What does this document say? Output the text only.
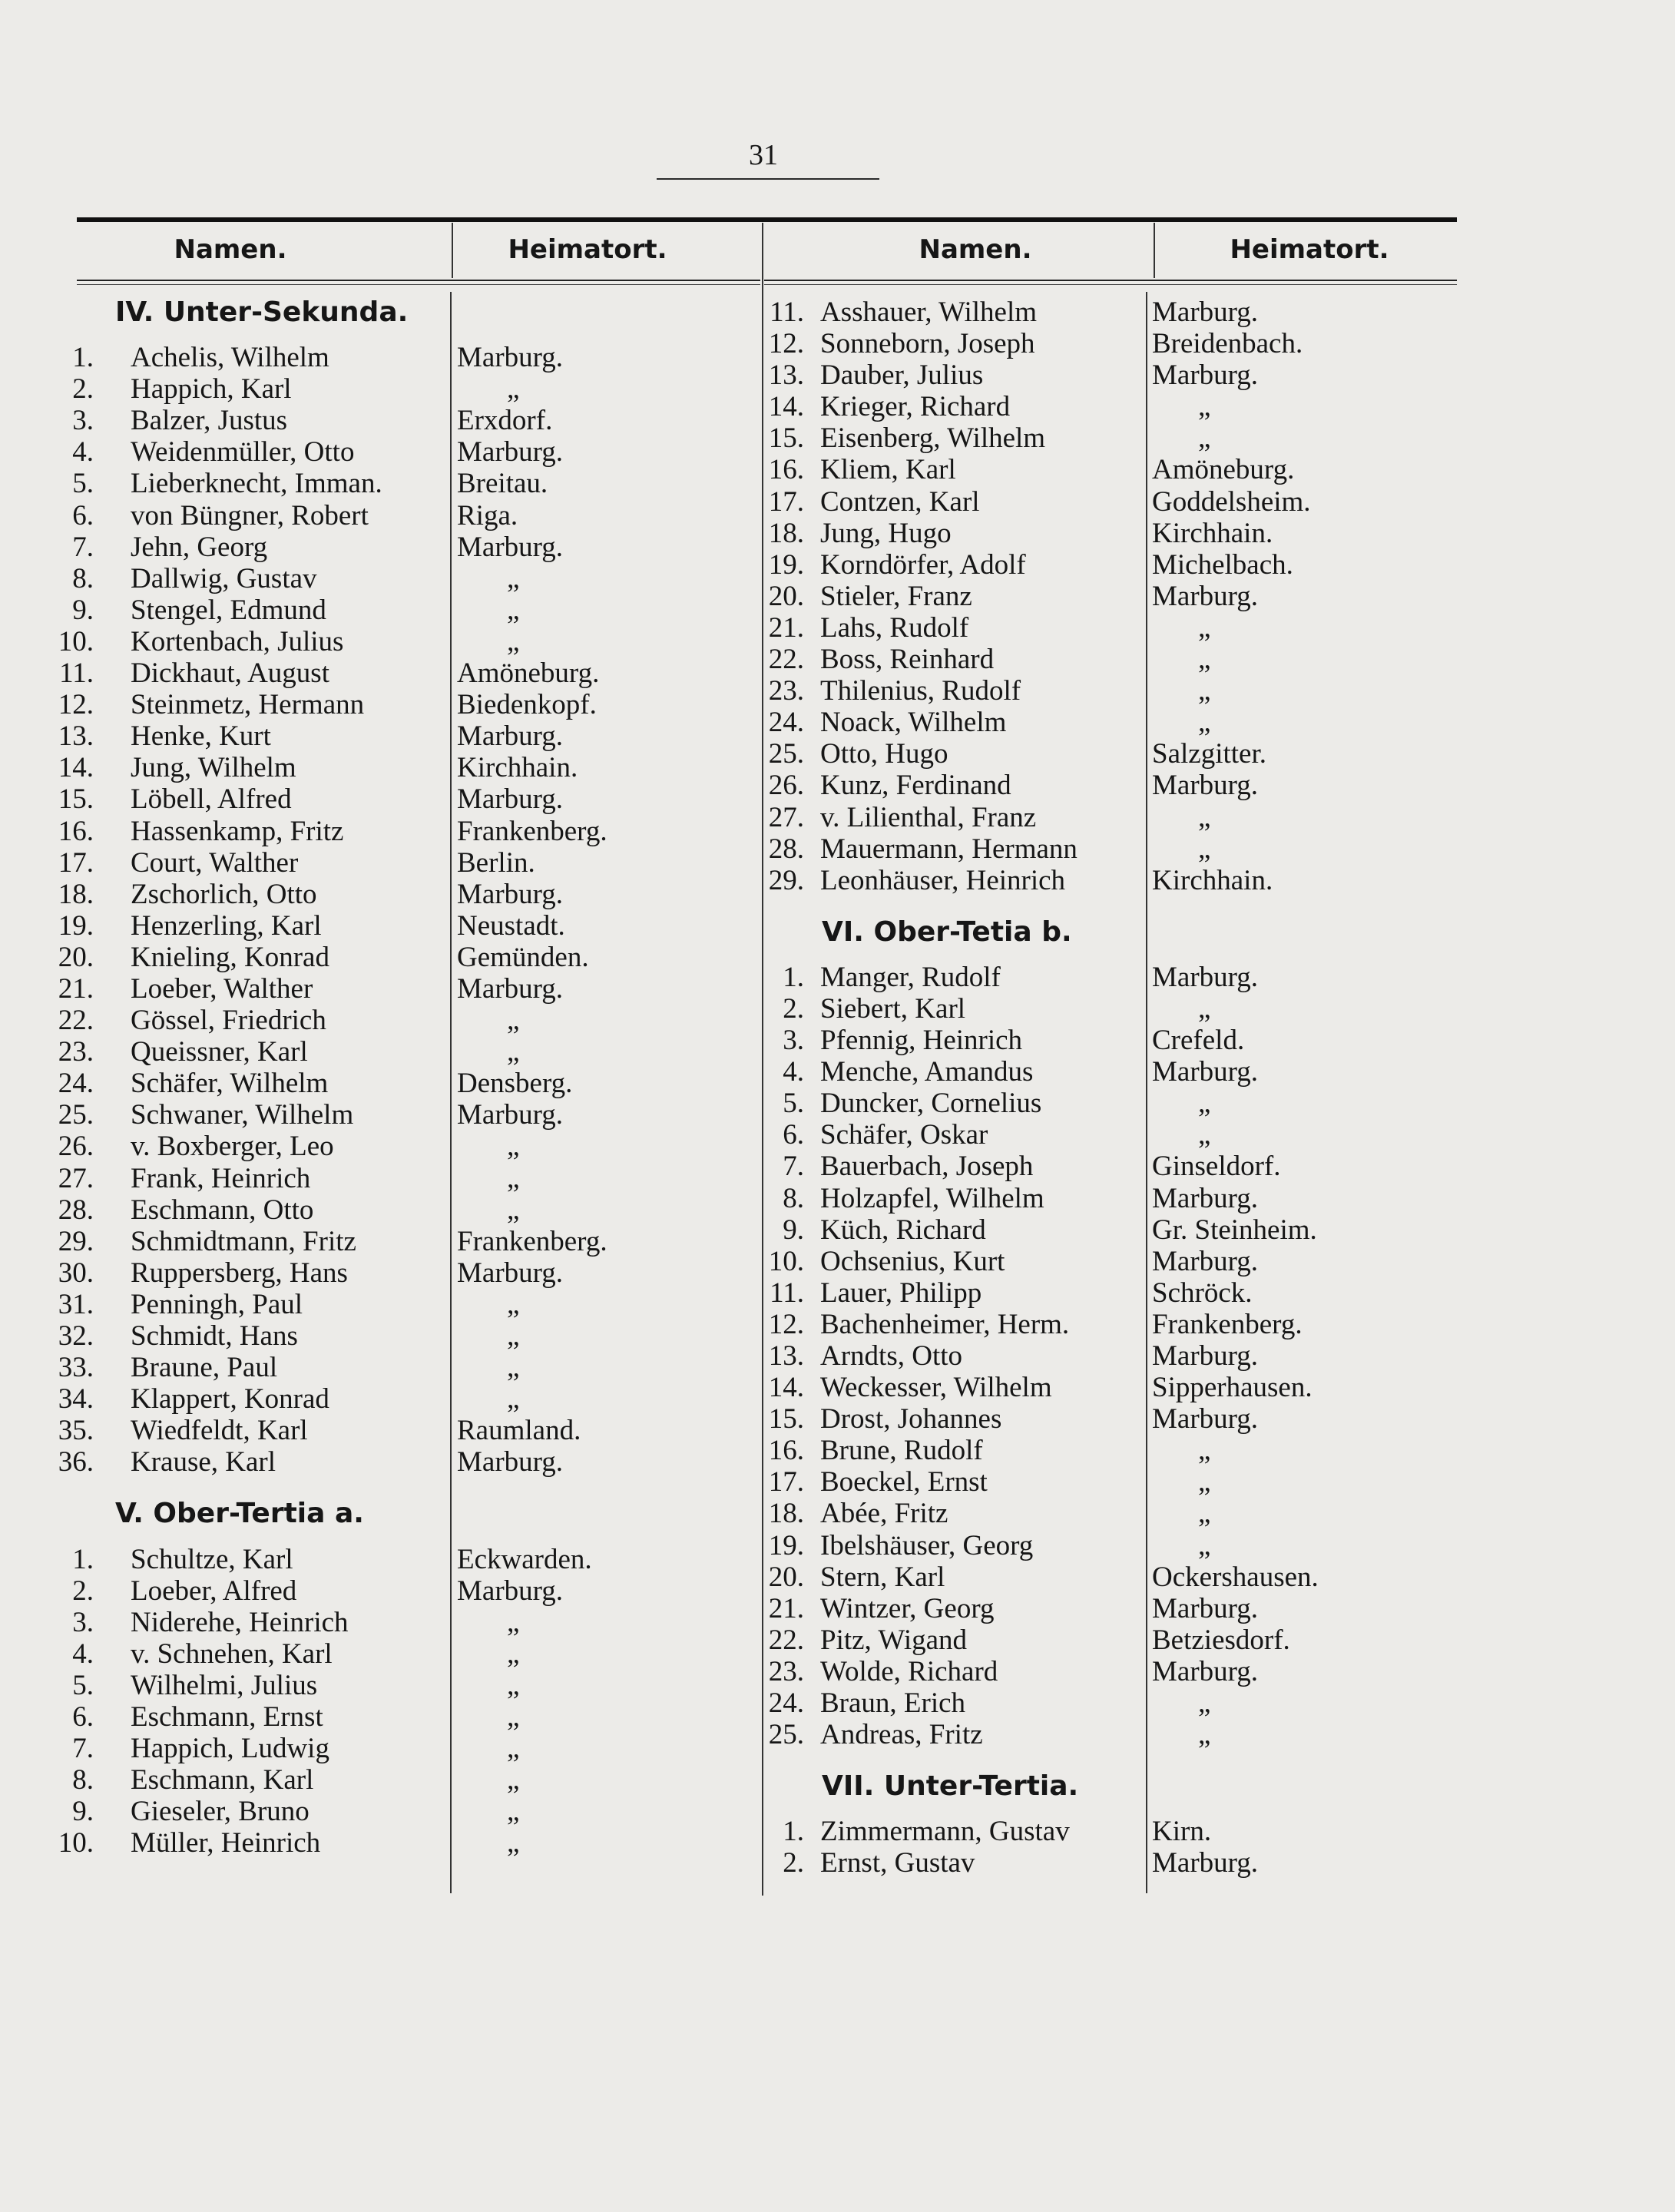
31
Namen.	Heimatort.	Namen.	Heimatort.
IV. Unter-Sekunda.
1. Achelis, Wilhelm	Marburg.
2. Happich, Karl	„
3. Balzer, Justus	Erxdorf.
4. Weidenmüller, Otto	Marburg.
5. Lieberknecht, Imman.	Breitau.
6. von Büngner, Robert	Riga.
7. Jehn, Georg	Marburg.
8. Dallwig, Gustav	„
9. Stengel, Edmund	„
10. Kortenbach, Julius	„
11. Dickhaut, August	Amöneburg.
12. Steinmetz, Hermann	Biedenkopf.
13. Henke, Kurt	Marburg.
14. Jung, Wilhelm	Kirchhain.
15. Löbell, Alfred	Marburg.
16. Hassenkamp, Fritz	Frankenberg.
17. Court, Walther	Berlin.
18. Zschorlich, Otto	Marburg.
19. Henzerling, Karl	Neustadt.
20. Knieling, Konrad	Gemünden.
21. Loeber, Walther	Marburg.
22. Gössel, Friedrich	„
23. Queissner, Karl	„
24. Schäfer, Wilhelm	Densberg.
25. Schwaner, Wilhelm	Marburg.
26. v. Boxberger, Leo	„
27. Frank, Heinrich	„
28. Eschmann, Otto	„
29. Schmidtmann, Fritz	Frankenberg.
30. Ruppersberg, Hans	Marburg.
31. Penningh, Paul	„
32. Schmidt, Hans	„
33. Braune, Paul	„
34. Klappert, Konrad	„
35. Wiedfeldt, Karl	Raumland.
36. Krause, Karl	Marburg.
V. Ober-Tertia a.
1. Schultze, Karl	Eckwarden.
2. Loeber, Alfred	Marburg.
3. Niderehe, Heinrich	„
4. v. Schnehen, Karl	„
5. Wilhelmi, Julius	„
6. Eschmann, Ernst	„
7. Happich, Ludwig	„
8. Eschmann, Karl	„
9. Gieseler, Bruno	„
10. Müller, Heinrich	„
11. Asshauer, Wilhelm	Marburg.
12. Sonneborn, Joseph	Breidenbach.
13. Dauber, Julius	Marburg.
14. Krieger, Richard	„
15. Eisenberg, Wilhelm	„
16. Kliem, Karl	Amöneburg.
17. Contzen, Karl	Goddelsheim.
18. Jung, Hugo	Kirchhain.
19. Korndörfer, Adolf	Michelbach.
20. Stieler, Franz	Marburg.
21. Lahs, Rudolf	„
22. Boss, Reinhard	„
23. Thilenius, Rudolf	„
24. Noack, Wilhelm	„
25. Otto, Hugo	Salzgitter.
26. Kunz, Ferdinand	Marburg.
27. v. Lilienthal, Franz	„
28. Mauermann, Hermann	„
29. Leonhäuser, Heinrich	Kirchhain.
VI. Ober-Tetia b.
1. Manger, Rudolf	Marburg.
2. Siebert, Karl	„
3. Pfennig, Heinrich	Crefeld.
4. Menche, Amandus	Marburg.
5. Duncker, Cornelius	„
6. Schäfer, Oskar	„
7. Bauerbach, Joseph	Ginseldorf.
8. Holzapfel, Wilhelm	Marburg.
9. Küch, Richard	Gr. Steinheim.
10. Ochsenius, Kurt	Marburg.
11. Lauer, Philipp	Schröck.
12. Bachenheimer, Herm.	Frankenberg.
13. Arndts, Otto	Marburg.
14. Weckesser, Wilhelm	Sipperhausen.
15. Drost, Johannes	Marburg.
16. Brune, Rudolf	„
17. Boeckel, Ernst	„
18. Abée, Fritz	„
19. Ibelshäuser, Georg	„
20. Stern, Karl	Ockershausen.
21. Wintzer, Georg	Marburg.
22. Pitz, Wigand	Betziesdorf.
23. Wolde, Richard	Marburg.
24. Braun, Erich	„
25. Andreas, Fritz	„
VII. Unter-Tertia.
1. Zimmermann, Gustav	Kirn.
2. Ernst, Gustav	Marburg.
